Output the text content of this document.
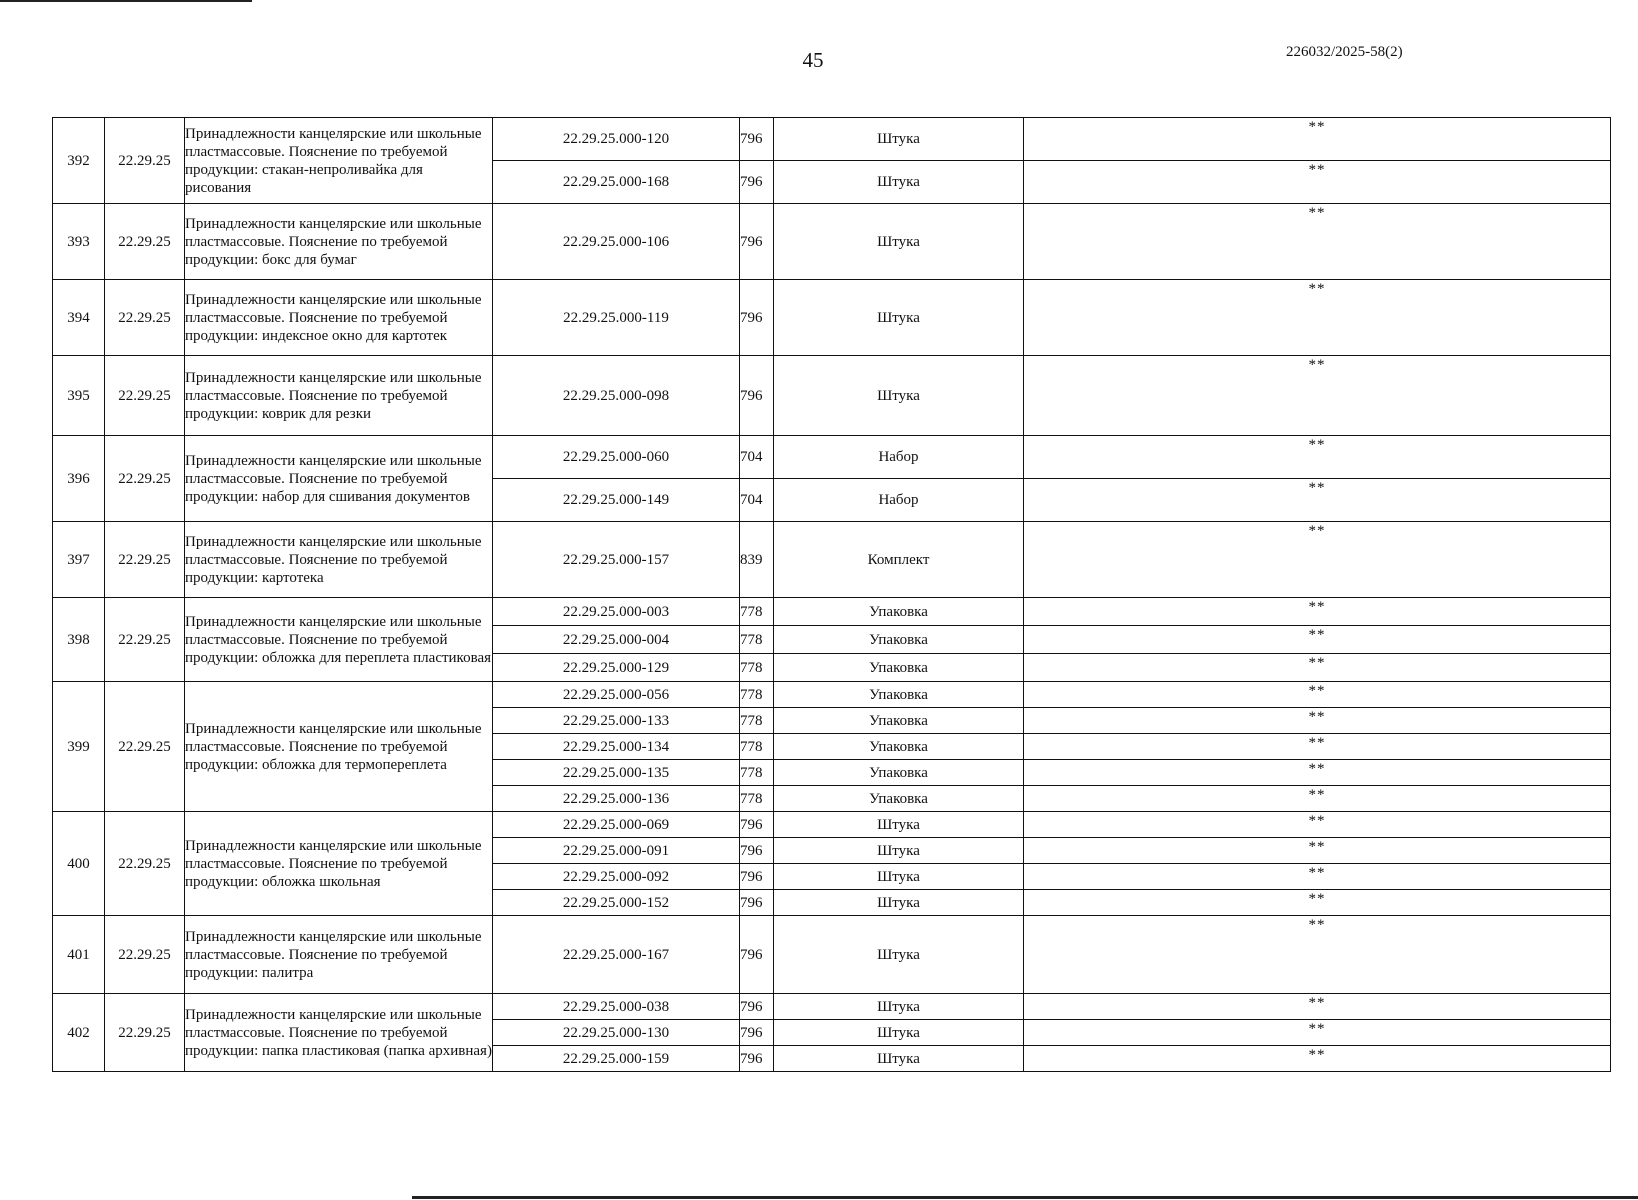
45	226032/2025-58(2)
392	22.29.25	Принадлежности канцелярские или школьные пластмассовые. Пояснение по требуемой продукции: стакан-непроливайка для рисования	22.29.25.000-120	796	Штука	**
			22.29.25.000-168	796	Штука	**
393	22.29.25	Принадлежности канцелярские или школьные пластмассовые. Пояснение по требуемой продукции: бокс для бумаг	22.29.25.000-106	796	Штука	**
394	22.29.25	Принадлежности канцелярские или школьные пластмассовые. Пояснение по требуемой продукции: индексное окно для картотек	22.29.25.000-119	796	Штука	**
395	22.29.25	Принадлежности канцелярские или школьные пластмассовые. Пояснение по требуемой продукции: коврик для резки	22.29.25.000-098	796	Штука	**
396	22.29.25	Принадлежности канцелярские или школьные пластмассовые. Пояснение по требуемой продукции: набор для сшивания документов	22.29.25.000-060	704	Набор	**
			22.29.25.000-149	704	Набор	**
397	22.29.25	Принадлежности канцелярские или школьные пластмассовые. Пояснение по требуемой продукции: картотека	22.29.25.000-157	839	Комплект	**
398	22.29.25	Принадлежности канцелярские или школьные пластмассовые. Пояснение по требуемой продукции: обложка для переплета пластиковая	22.29.25.000-003	778	Упаковка	**
			22.29.25.000-004	778	Упаковка	**
			22.29.25.000-129	778	Упаковка	**
399	22.29.25	Принадлежности канцелярские или школьные пластмассовые. Пояснение по требуемой продукции: обложка для термопереплета	22.29.25.000-056	778	Упаковка	**
			22.29.25.000-133	778	Упаковка	**
			22.29.25.000-134	778	Упаковка	**
			22.29.25.000-135	778	Упаковка	**
			22.29.25.000-136	778	Упаковка	**
400	22.29.25	Принадлежности канцелярские или школьные пластмассовые. Пояснение по требуемой продукции: обложка школьная	22.29.25.000-069	796	Штука	**
			22.29.25.000-091	796	Штука	**
			22.29.25.000-092	796	Штука	**
			22.29.25.000-152	796	Штука	**
401	22.29.25	Принадлежности канцелярские или школьные пластмассовые. Пояснение по требуемой продукции: палитра	22.29.25.000-167	796	Штука	**
402	22.29.25	Принадлежности канцелярские или школьные пластмассовые. Пояснение по требуемой продукции: папка пластиковая (папка архивная)	22.29.25.000-038	796	Штука	**
			22.29.25.000-130	796	Штука	**
			22.29.25.000-159	796	Штука	**
